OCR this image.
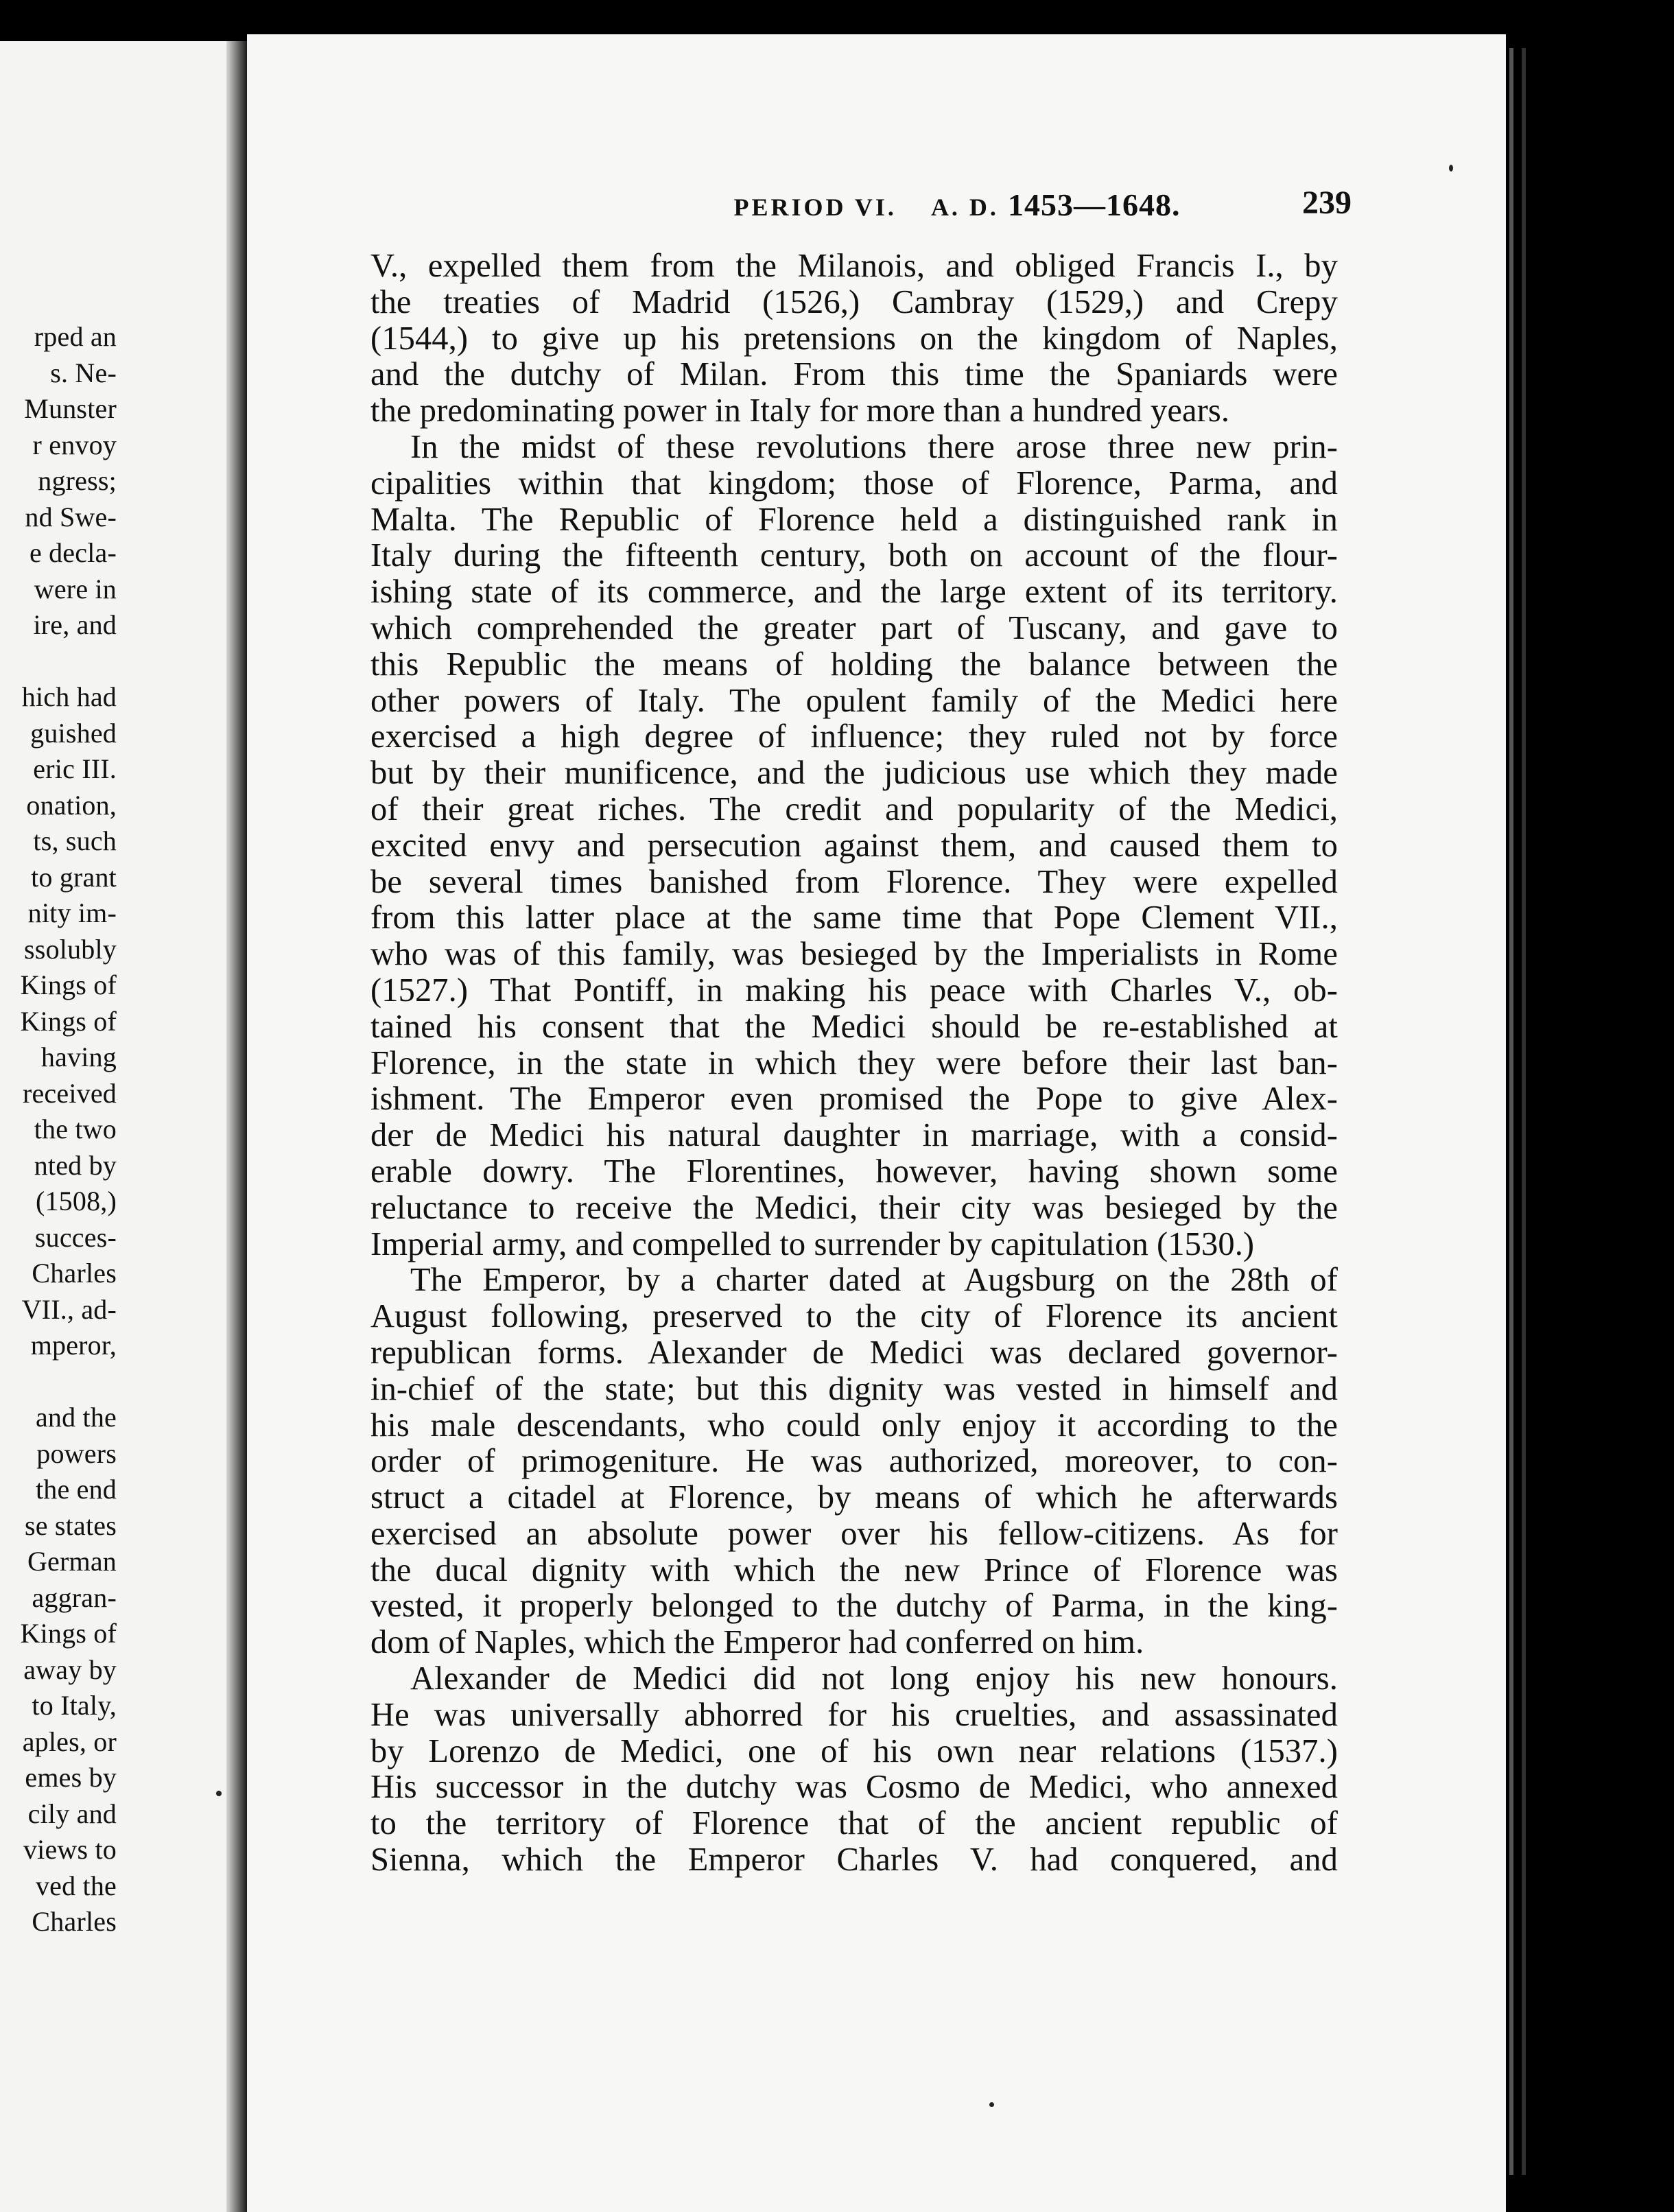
rped an
s. Ne-
Munster
r envoy
ngress;
nd Swe-
e decla-
were in
ire, and
hich had
guished
eric III.
onation,
ts, such
to grant
nity im-
ssolubly
Kings of
Kings of
having
received
the two
nted by
(1508,)
succes-
Charles
VII., ad-
mperor,
and the
powers
the end
se states
German
aggran-
Kings of
away by
to Italy,
aples, or
emes by
cily and
views to
ved the
Charles
PERIOD VI. A. D. 1453—1648.	239
V., expelled them from the Milanois, and obliged Francis I., by
the treaties of Madrid (1526,) Cambray (1529,) and Crepy
(1544,) to give up his pretensions on the kingdom of Naples,
and the dutchy of Milan. From this time the Spaniards were
the predominating power in Italy for more than a hundred years.
In the midst of these revolutions there arose three new prin-
cipalities within that kingdom; those of Florence, Parma, and
Malta. The Republic of Florence held a distinguished rank in
Italy during the fifteenth century, both on account of the flour-
ishing state of its commerce, and the large extent of its territory.
which comprehended the greater part of Tuscany, and gave to
this Republic the means of holding the balance between the
other powers of Italy. The opulent family of the Medici here
exercised a high degree of influence; they ruled not by force
but by their munificence, and the judicious use which they made
of their great riches. The credit and popularity of the Medici,
excited envy and persecution against them, and caused them to
be several times banished from Florence. They were expelled
from this latter place at the same time that Pope Clement VII.,
who was of this family, was besieged by the Imperialists in Rome
(1527.) That Pontiff, in making his peace with Charles V., ob-
tained his consent that the Medici should be re-established at
Florence, in the state in which they were before their last ban-
ishment. The Emperor even promised the Pope to give Alex-
der de Medici his natural daughter in marriage, with a consid-
erable dowry. The Florentines, however, having shown some
reluctance to receive the Medici, their city was besieged by the
Imperial army, and compelled to surrender by capitulation (1530.)
The Emperor, by a charter dated at Augsburg on the 28th of
August following, preserved to the city of Florence its ancient
republican forms. Alexander de Medici was declared governor-
in-chief of the state; but this dignity was vested in himself and
his male descendants, who could only enjoy it according to the
order of primogeniture. He was authorized, moreover, to con-
struct a citadel at Florence, by means of which he afterwards
exercised an absolute power over his fellow-citizens. As for
the ducal dignity with which the new Prince of Florence was
vested, it properly belonged to the dutchy of Parma, in the king-
dom of Naples, which the Emperor had conferred on him.
Alexander de Medici did not long enjoy his new honours.
He was universally abhorred for his cruelties, and assassinated
by Lorenzo de Medici, one of his own near relations (1537.)
His successor in the dutchy was Cosmo de Medici, who annexed
to the territory of Florence that of the ancient republic of
Sienna, which the Emperor Charles V. had conquered, and
